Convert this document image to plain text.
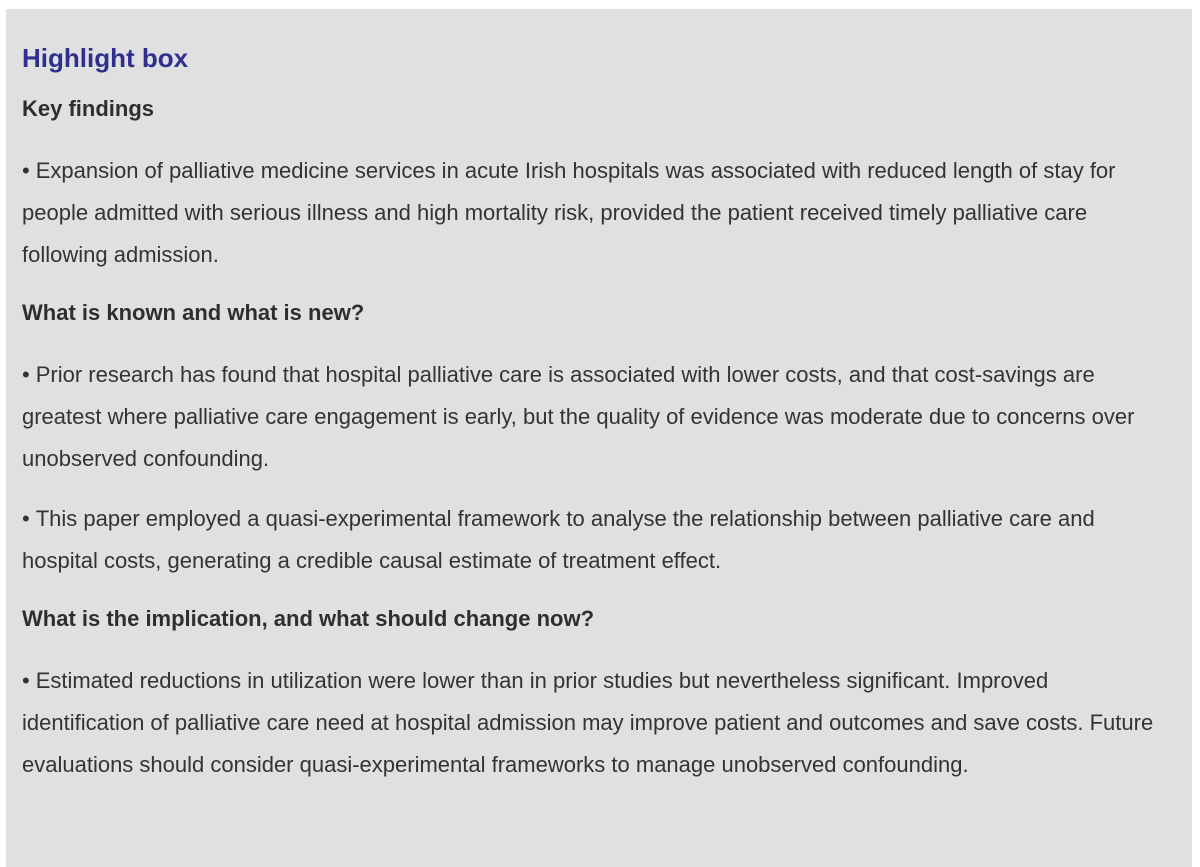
Highlight box
Key findings

• Expansion of palliative medicine services in acute Irish hospitals was associated with reduced length of stay for people admitted with serious illness and high mortality risk, provided the patient received timely palliative care following admission.

What is known and what is new?

• Prior research has found that hospital palliative care is associated with lower costs, and that cost-savings are greatest where palliative care engagement is early, but the quality of evidence was moderate due to concerns over unobserved confounding.

• This paper employed a quasi-experimental framework to analyse the relationship between palliative care and hospital costs, generating a credible causal estimate of treatment effect.

What is the implication, and what should change now?

• Estimated reductions in utilization were lower than in prior studies but nevertheless significant. Improved identification of palliative care need at hospital admission may improve patient and outcomes and save costs. Future evaluations should consider quasi-experimental frameworks to manage unobserved confounding.
